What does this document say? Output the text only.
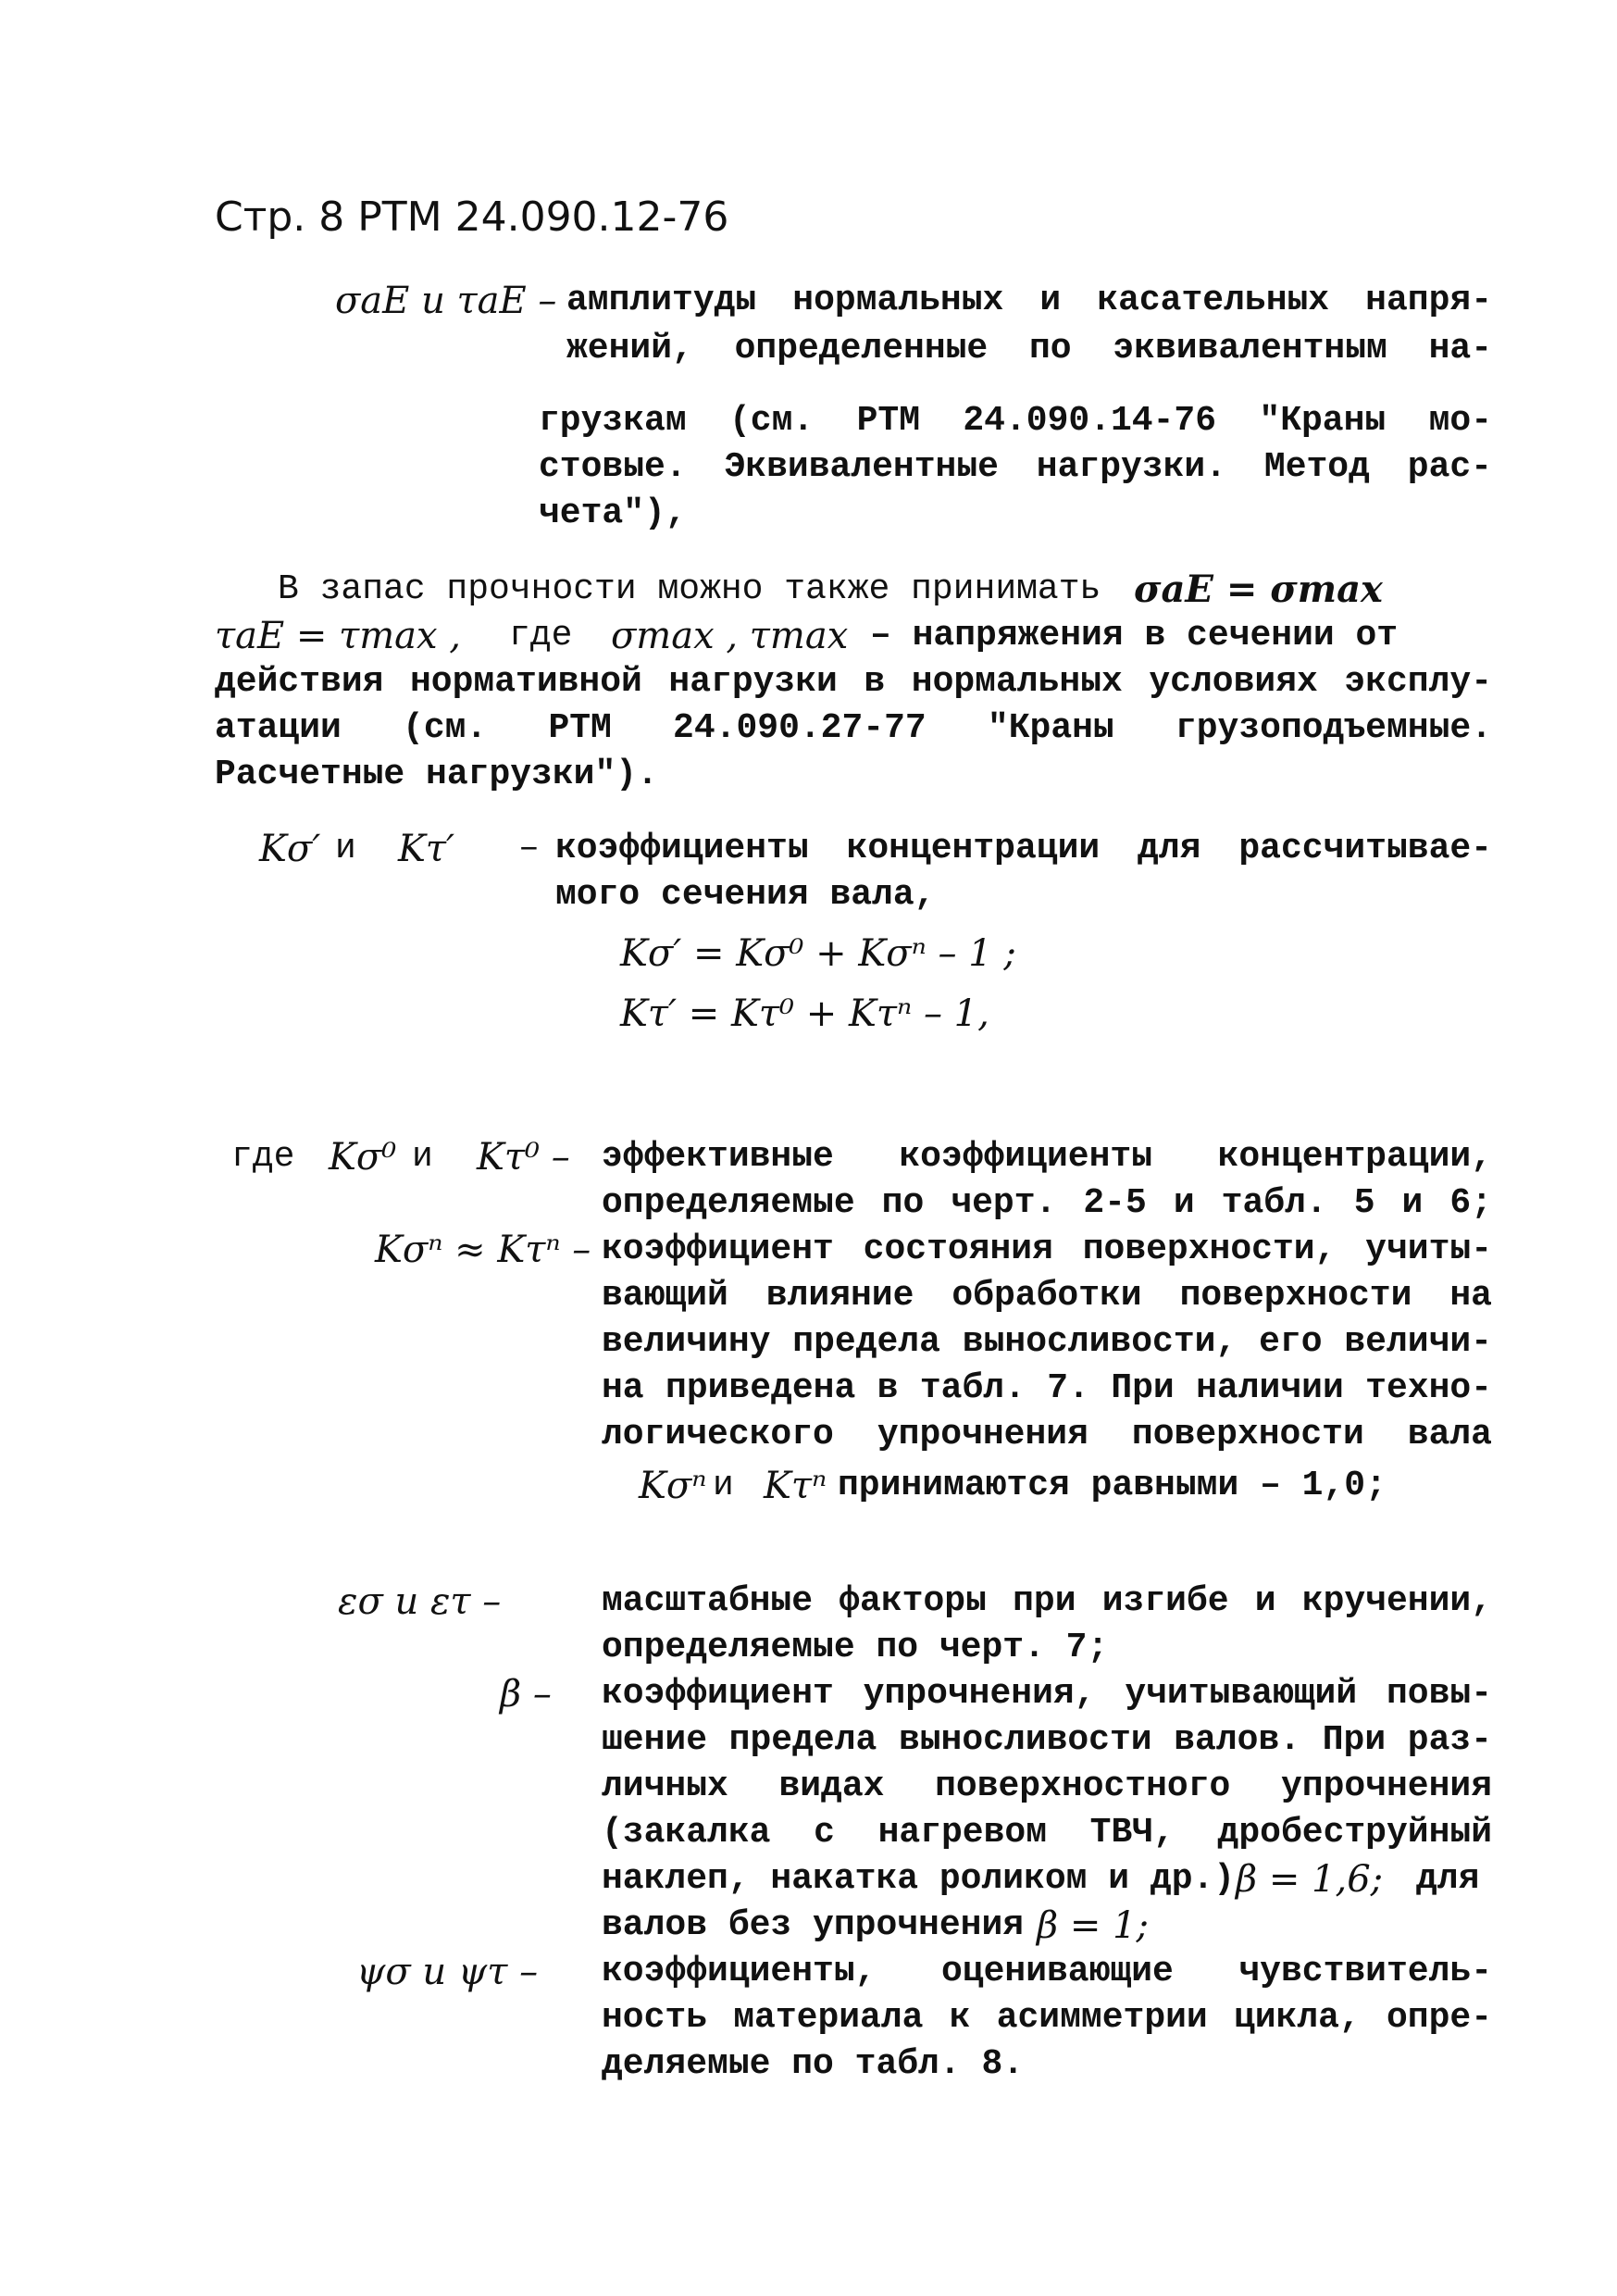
Стр. 8 РТМ 24.090.12-76
σaE и τaE – амплитуды нормальных и касательных напря-
жений, определенные по эквивалентным на-
грузкам (см. РТМ 24.090.14-76 "Краны мо-
стовые. Эквивалентные нагрузки. Метод рас-
чета"),
В запас прочности можно также принимать σaE = σmax
τaE = τmax , где σmax , τmax – напряжения в сечении от
действия нормативной нагрузки в нормальных условиях эксплу-
атации (см. РТМ 24.090.27-77 "Краны грузоподъемные.
Расчетные нагрузки").
Kσ′ и Kτ′ – коэффициенты концентрации для рассчитывае-
мого сечения вала,
Kσ′ = Kσ⁰ + Kσⁿ – 1 ;
Kτ′ = Kτ⁰ + Kτⁿ – 1,
где Kσ⁰ и Kτ⁰ – эффективные коэффициенты концентрации,
определяемые по черт. 2-5 и табл. 5 и 6;
Kσⁿ ≈ Kτⁿ – коэффициент состояния поверхности, учиты-
вающий влияние обработки поверхности на
величину предела выносливости, его величи-
на приведена в табл. 7. При наличии техно-
логического упрочнения поверхности вала
Kσⁿ и Kτⁿ принимаются равными – 1,0;
εσ и ετ –	масштабные факторы при изгибе и кручении,
определяемые по черт. 7;
β – коэффициент упрочнения, учитывающий повы-
шение предела выносливости валов. При раз-
личных видах поверхностного упрочнения
(закалка с нагревом ТВЧ, дробеструйный
наклеп, накатка роликом и др.) β = 1,6; для
валов без упрочнения β = 1;
ψσ и ψτ – коэффициенты, оценивающие чувствитель-
ность материала к асимметрии цикла, опре-
деляемые по табл. 8.
